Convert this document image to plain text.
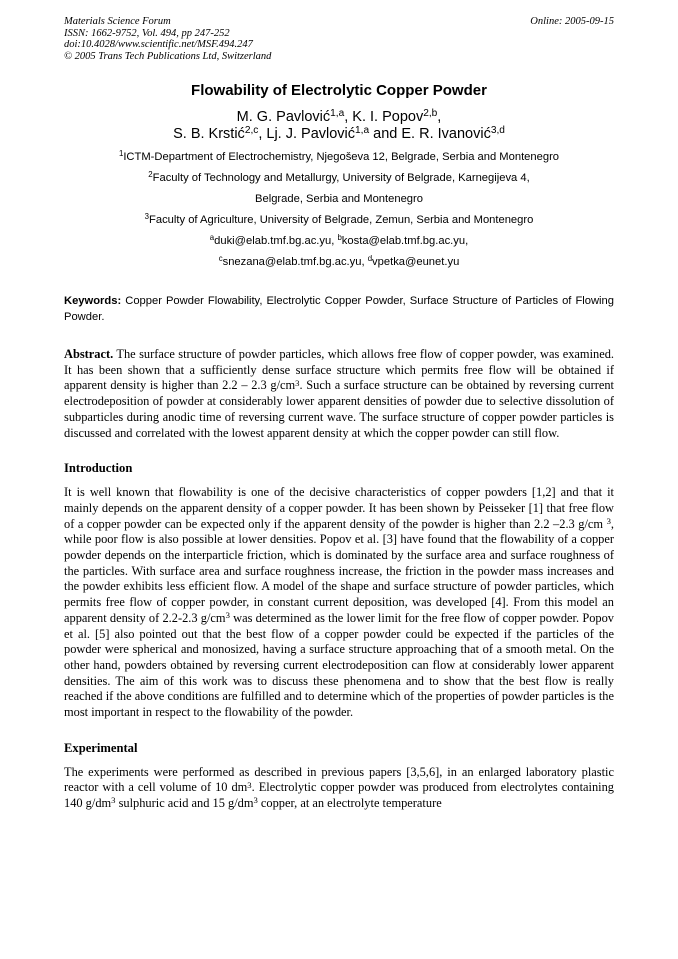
Materials Science Forum
ISSN: 1662-9752, Vol. 494, pp 247-252
doi:10.4028/www.scientific.net/MSF.494.247
© 2005 Trans Tech Publications Ltd, Switzerland
Online: 2005-09-15
Flowability of Electrolytic Copper Powder
M. G. Pavlović$^{1,a}$, K. I. Popov$^{2,b}$,
S. B. Krstić$^{2,c}$, Lj. J. Pavlović$^{1,a}$ and E. R. Ivanović$^{3,d}$
$^1$ICTM-Department of Electrochemistry, Njegoševa 12, Belgrade, Serbia and Montenegro
$^2$Faculty of Technology and Metallurgy, University of Belgrade, Karnegijeva 4,
Belgrade, Serbia and Montenegro
$^3$Faculty of Agriculture, University of Belgrade, Zemun, Serbia and Montenegro
$^a$duki@elab.tmf.bg.ac.yu, $^b$kosta@elab.tmf.bg.ac.yu,
$^c$snezana@elab.tmf.bg.ac.yu, $^d$vpetka@eunet.yu
Keywords: Copper Powder Flowability, Electrolytic Copper Powder, Surface Structure of Particles of Flowing Powder.
Abstract. The surface structure of powder particles, which allows free flow of copper powder, was examined. It has been shown that a sufficiently dense surface structure which permits free flow will be obtained if apparent density is higher than 2.2 – 2.3 $g/cm^3$. Such a surface structure can be obtained by reversing current electrodeposition of powder at considerably lower apparent densities of powder due to selective dissolution of subparticles during anodic time of reversing current wave. The surface structure of copper powder particles is discussed and correlated with the lowest apparent density at which the copper powder can still flow.
Introduction
It is well known that flowability is one of the decisive characteristics of copper powders [1,2] and that it mainly depends on the apparent density of a copper powder. It has been shown by Peisseker [1] that free flow of a copper powder can be expected only if the apparent density of the powder is higher than 2.2 –2.3 g/cm $^3$, while poor flow is also possible at lower densities. Popov et al. [3] have found that the flowability of a copper powder depends on the interparticle friction, which is dominated by the surface area and surface roughness of the particles. With surface area and surface roughness increase, the friction in the powder mass increases and the powder exhibits less efficient flow. A model of the shape and surface structure of powder particles, which permits free flow of copper powder, in constant current deposition, was developed [4]. From this model an apparent density of 2.2-2.3 $g/cm^3$ was determined as the lower limit for the free flow of copper powder. Popov et al. [5] also pointed out that the best flow of a copper powder could be expected if the particles of the powder were spherical and monosized, having a surface structure approaching that of a smooth metal. On the other hand, powders obtained by reversing current electrodeposition can flow at considerably lower apparent densities. The aim of this work was to discuss these phenomena and to show that the best flow is really reached if the above conditions are fulfilled and to determine which of the properties of powder particles is the most important in respect to the flowability of the powder.
Experimental
The experiments were performed as described in previous papers [3,5,6], in an enlarged laboratory plastic reactor with a cell volume of 10 $dm^3$. Electrolytic copper powder was produced from electrolytes containing 140 $g/dm^3$ sulphuric acid and 15 $g/dm^3$ copper, at an electrolyte temperature
